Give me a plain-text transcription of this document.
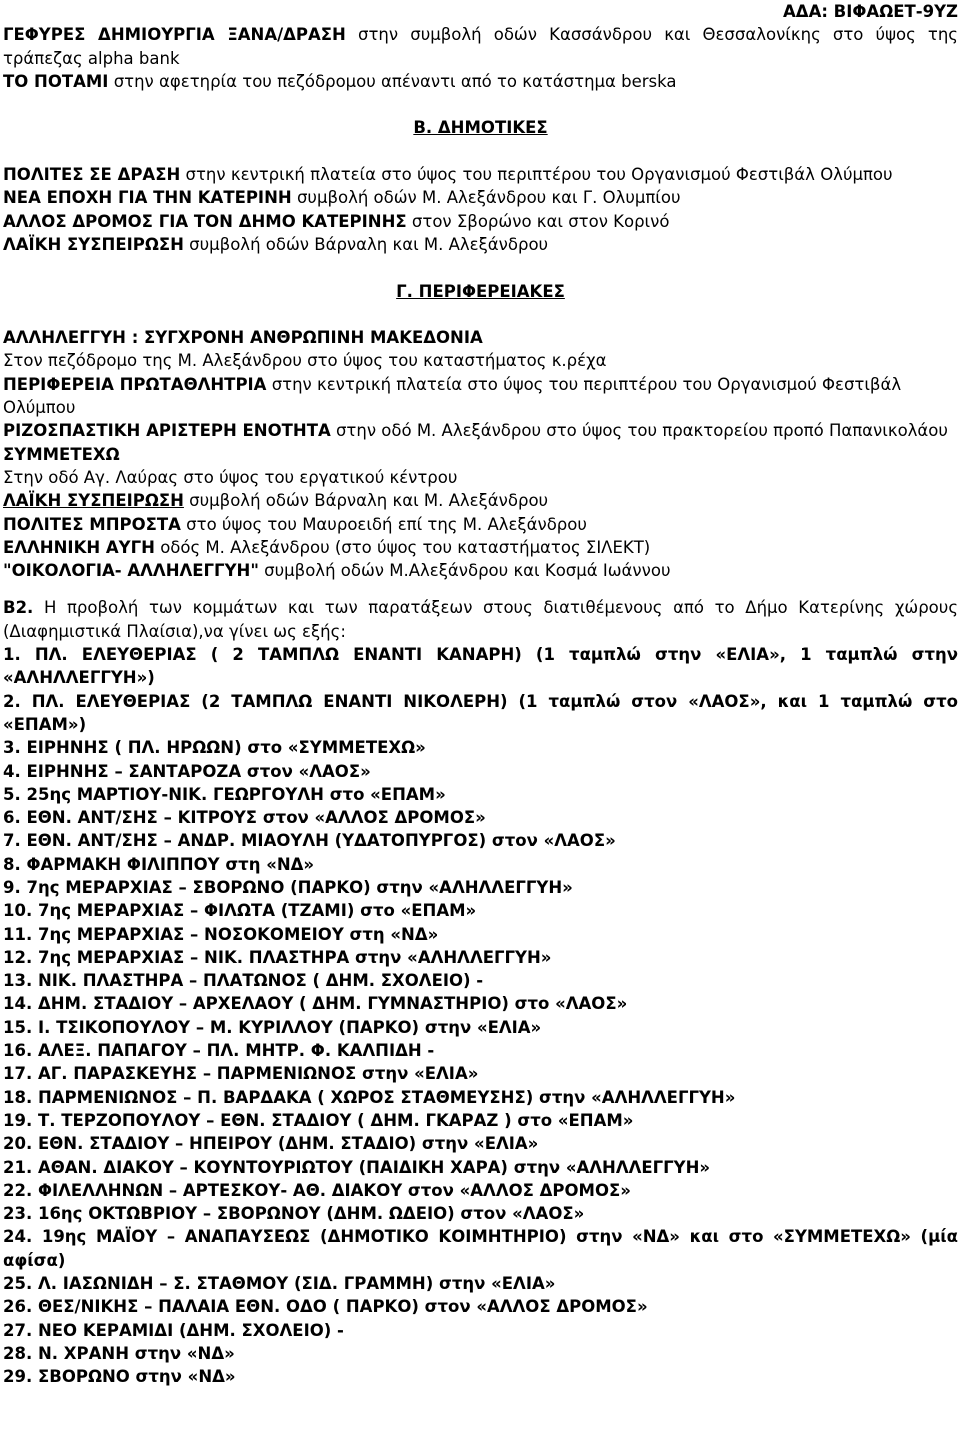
ΑΔΑ: ΒΙΦΑΩΕΤ-9ΥΖ
ΓΕΦΥΡΕΣ ΔΗΜΙΟΥΡΓΙΑ ΞΑΝΑ/ΔΡΑΣΗ στην συμβολή οδών Κασσάνδρου και Θεσσαλονίκης στο ύψος της τράπεζας alpha bank
ΤΟ ΠΟΤΑΜΙ στην αφετηρία του πεζόδρομου απέναντι από το κατάστημα berska
Β. ΔΗΜΟΤΙΚΕΣ
ΠΟΛΙΤΕΣ ΣΕ ΔΡΑΣΗ στην κεντρική πλατεία στο ύψος του περιπτέρου του Οργανισμού Φεστιβάλ Ολύμπου
ΝΕΑ ΕΠΟΧΗ ΓΙΑ ΤΗΝ ΚΑΤΕΡΙΝΗ συμβολή οδών Μ. Αλεξάνδρου και Γ. Ολυμπίου
ΑΛΛΟΣ ΔΡΟΜΟΣ ΓΙΑ ΤΟΝ ΔΗΜΟ ΚΑΤΕΡΙΝΗΣ στον Σβορώνο και στον Κορινό
ΛΑΪΚΗ ΣΥΣΠΕΙΡΩΣΗ συμβολή οδών Βάρναλη και Μ. Αλεξάνδρου
Γ. ΠΕΡΙΦΕΡΕΙΑΚΕΣ
ΑΛΛΗΛΕΓΓΥΗ : ΣΥΓΧΡΟΝΗ ΑΝΘΡΩΠΙΝΗ ΜΑΚΕΔΟΝΙΑ
Στον πεζόδρομο της Μ. Αλεξάνδρου στο ύψος του καταστήματος κ.ρέχα
ΠΕΡΙΦΕΡΕΙΑ ΠΡΩΤΑΘΛΗΤΡΙΑ στην κεντρική πλατεία στο ύψος του περιπτέρου του Οργανισμού Φεστιβάλ Ολύμπου
ΡΙΖΟΣΠΑΣΤΙΚΗ ΑΡΙΣΤΕΡΗ ΕΝΟΤΗΤΑ στην οδό Μ. Αλεξάνδρου στο ύψος του πρακτορείου προπό Παπανικολάου
ΣΥΜΜΕΤΕΧΩ
Στην οδό Αγ. Λαύρας στο ύψος του εργατικού κέντρου
ΛΑΪΚΗ ΣΥΣΠΕΙΡΩΣΗ συμβολή οδών Βάρναλη και Μ. Αλεξάνδρου
ΠΟΛΙΤΕΣ ΜΠΡΟΣΤΑ στο ύψος του Μαυροειδή επί της Μ. Αλεξάνδρου
ΕΛΛΗΝΙΚΗ ΑΥΓΗ οδός Μ. Αλεξάνδρου (στο ύψος του καταστήματος ΣΙΛΕΚΤ)
"ΟΙΚΟΛΟΓΙΑ- ΑΛΛΗΛΕΓΓΥΗ" συμβολή οδών Μ.Αλεξάνδρου και Κοσμά Ιωάννου
Β2. Η προβολή των κομμάτων και των παρατάξεων στους διατιθέμενους από το Δήμο Κατερίνης χώρους (Διαφημιστικά Πλαίσια),να γίνει ως εξής:
1. ΠΛ. ΕΛΕΥΘΕΡΙΑΣ ( 2 ΤΑΜΠΛΩ ΕΝΑΝΤΙ ΚΑΝΑΡΗ) (1 ταμπλώ στην «ΕΛΙΑ», 1 ταμπλώ στην «ΑΛΗΛΛΕΓΓΥΗ»)
2. ΠΛ. ΕΛΕΥΘΕΡΙΑΣ (2 ΤΑΜΠΛΩ ΕΝΑΝΤΙ ΝΙΚΟΛΕΡΗ) (1 ταμπλώ στον «ΛΑΟΣ», και 1 ταμπλώ στο «ΕΠΑΜ»)
3. ΕΙΡΗΝΗΣ ( ΠΛ. ΗΡΩΩΝ) στο «ΣΥΜΜΕΤΕΧΩ»
4. ΕΙΡΗΝΗΣ – ΣΑΝΤΑΡΟΖΑ στον «ΛΑΟΣ»
5. 25ης ΜΑΡΤΙΟΥ-ΝΙΚ. ΓΕΩΡΓΟΥΛΗ στο «ΕΠΑΜ»
6. ΕΘΝ. ΑΝΤ/ΣΗΣ – ΚΙΤΡΟΥΣ στον «ΑΛΛΟΣ ΔΡΟΜΟΣ»
7. ΕΘΝ. ΑΝΤ/ΣΗΣ – ΑΝΔΡ. ΜΙΑΟΥΛΗ (ΥΔΑΤΟΠΥΡΓΟΣ) στον «ΛΑΟΣ»
8. ΦΑΡΜΑΚΗ ΦΙΛΙΠΠΟΥ στη «ΝΔ»
9. 7ης ΜΕΡΑΡΧΙΑΣ – ΣΒΟΡΩΝΟ (ΠΑΡΚΟ) στην «ΑΛΗΛΛΕΓΓΥΗ»
10. 7ης ΜΕΡΑΡΧΙΑΣ – ΦΙΛΩΤΑ (ΤΖΑΜΙ) στο «ΕΠΑΜ»
11. 7ης ΜΕΡΑΡΧΙΑΣ – ΝΟΣΟΚΟΜΕΙΟΥ στη «ΝΔ»
12. 7ης ΜΕΡΑΡΧΙΑΣ – ΝΙΚ. ΠΛΑΣΤΗΡΑ στην «ΑΛΗΛΛΕΓΓΥΗ»
13. ΝΙΚ. ΠΛΑΣΤΗΡΑ – ΠΛΑΤΩΝΟΣ ( ΔΗΜ. ΣΧΟΛΕΙΟ) -
14. ΔΗΜ. ΣΤΑΔΙΟΥ – ΑΡΧΕΛΑΟΥ ( ΔΗΜ. ΓΥΜΝΑΣΤΗΡΙΟ) στο «ΛΑΟΣ»
15. Ι. ΤΣΙΚΟΠΟΥΛΟΥ – Μ. ΚΥΡΙΛΛΟΥ (ΠΑΡΚΟ) στην «ΕΛΙΑ»
16. ΑΛΕΞ. ΠΑΠΑΓΟΥ – ΠΛ. ΜΗΤΡ. Φ. ΚΑΛΠΙΔΗ -
17. ΑΓ. ΠΑΡΑΣΚΕΥΗΣ – ΠΑΡΜΕΝΙΩΝΟΣ στην «ΕΛΙΑ»
18. ΠΑΡΜΕΝΙΩΝΟΣ – Π. ΒΑΡΔΑΚΑ ( ΧΩΡΟΣ ΣΤΑΘΜΕΥΣΗΣ) στην «ΑΛΗΛΛΕΓΓΥΗ»
19. Τ. ΤΕΡΖΟΠΟΥΛΟΥ – ΕΘΝ. ΣΤΑΔΙΟΥ ( ΔΗΜ. ΓΚΑΡΑΖ ) στο «ΕΠΑΜ»
20. ΕΘΝ. ΣΤΑΔΙΟΥ – ΗΠΕΙΡΟΥ (ΔΗΜ. ΣΤΑΔΙΟ) στην «ΕΛΙΑ»
21. ΑΘΑΝ. ΔΙΑΚΟΥ – ΚΟΥΝΤΟΥΡΙΩΤΟΥ (ΠΑΙΔΙΚΗ ΧΑΡΑ) στην «ΑΛΗΛΛΕΓΓΥΗ»
22. ΦΙΛΕΛΛΗΝΩΝ – ΑΡΤΕΣΚΟΥ- ΑΘ. ΔΙΑΚΟΥ στον «ΑΛΛΟΣ ΔΡΟΜΟΣ»
23. 16ης ΟΚΤΩΒΡΙΟΥ – ΣΒΟΡΩΝΟΥ (ΔΗΜ. ΩΔΕΙΟ) στον «ΛΑΟΣ»
24. 19ης ΜΑΪΟΥ – ΑΝΑΠΑΥΣΕΩΣ (ΔΗΜΟΤΙΚΟ ΚΟΙΜΗΤΗΡΙΟ) στην «ΝΔ» και στο «ΣΥΜΜΕΤΕΧΩ» (μία αφίσα)
25. Λ. ΙΑΣΩΝΙΔΗ – Σ. ΣΤΑΘΜΟΥ (ΣΙΔ. ΓΡΑΜΜΗ) στην «ΕΛΙΑ»
26. ΘΕΣ/ΝΙΚΗΣ – ΠΑΛΑΙΑ ΕΘΝ. ΟΔΟ ( ΠΑΡΚΟ) στον «ΑΛΛΟΣ ΔΡΟΜΟΣ»
27. ΝΕΟ ΚΕΡΑΜΙΔΙ (ΔΗΜ. ΣΧΟΛΕΙΟ) -
28. Ν. ΧΡΑΝΗ στην «ΝΔ»
29. ΣΒΟΡΩΝΟ στην «ΝΔ»
